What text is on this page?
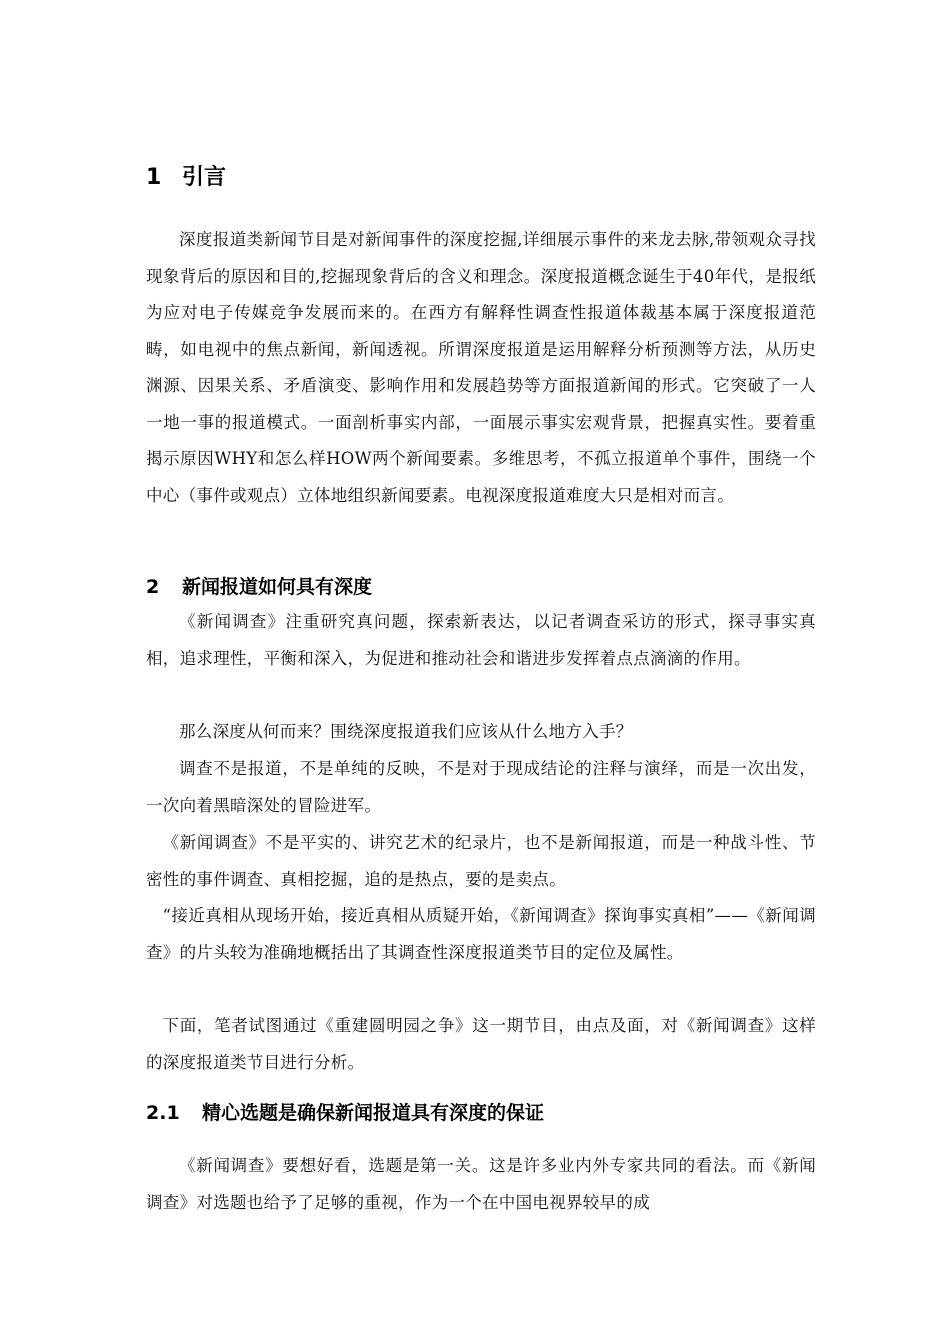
1 引言
深度报道类新闻节目是对新闻事件的深度挖掘,详细展示事件的来龙去脉,带领观众寻找现象背后的原因和目的,挖掘现象背后的含义和理念。深度报道概念诞生于40年代，是报纸为应对电子传媒竞争发展而来的。在西方有解释性调查性报道体裁基本属于深度报道范畴，如电视中的焦点新闻，新闻透视。所谓深度报道是运用解释分析预测等方法，从历史渊源、因果关系、矛盾演变、影响作用和发展趋势等方面报道新闻的形式。它突破了一人一地一事的报道模式。一面剖析事实内部，一面展示事实宏观背景，把握真实性。要着重揭示原因WHY和怎么样HOW两个新闻要素。多维思考，不孤立报道单个事件，围绕一个中心（事件或观点）立体地组织新闻要素。电视深度报道难度大只是相对而言。
2	新闻报道如何具有深度
《新闻调查》注重研究真问题，探索新表达，以记者调查采访的形式，探寻事实真相，追求理性，平衡和深入，为促进和推动社会和谐进步发挥着点点滴滴的作用。
那么深度从何而来？围绕深度报道我们应该从什么地方入手？
调查不是报道，不是单纯的反映，不是对于现成结论的注释与演绎，而是一次出发，一次向着黑暗深处的冒险进军。
《新闻调查》不是平实的、讲究艺术的纪录片，也不是新闻报道，而是一种战斗性、节密性的事件调查、真相挖掘，追的是热点，要的是卖点。
“接近真相从现场开始，接近真相从质疑开始，《新闻调查》探询事实真相”——《新闻调查》的片头较为准确地概括出了其调查性深度报道类节目的定位及属性。
下面，笔者试图通过《重建圆明园之争》这一期节目，由点及面，对《新闻调查》这样的深度报道类节目进行分析。
2.1	精心选题是确保新闻报道具有深度的保证
《新闻调查》要想好看，选题是第一关。这是许多业内外专家共同的看法。而《新闻调查》对选题也给予了足够的重视，作为一个在中国电视界较早的成
